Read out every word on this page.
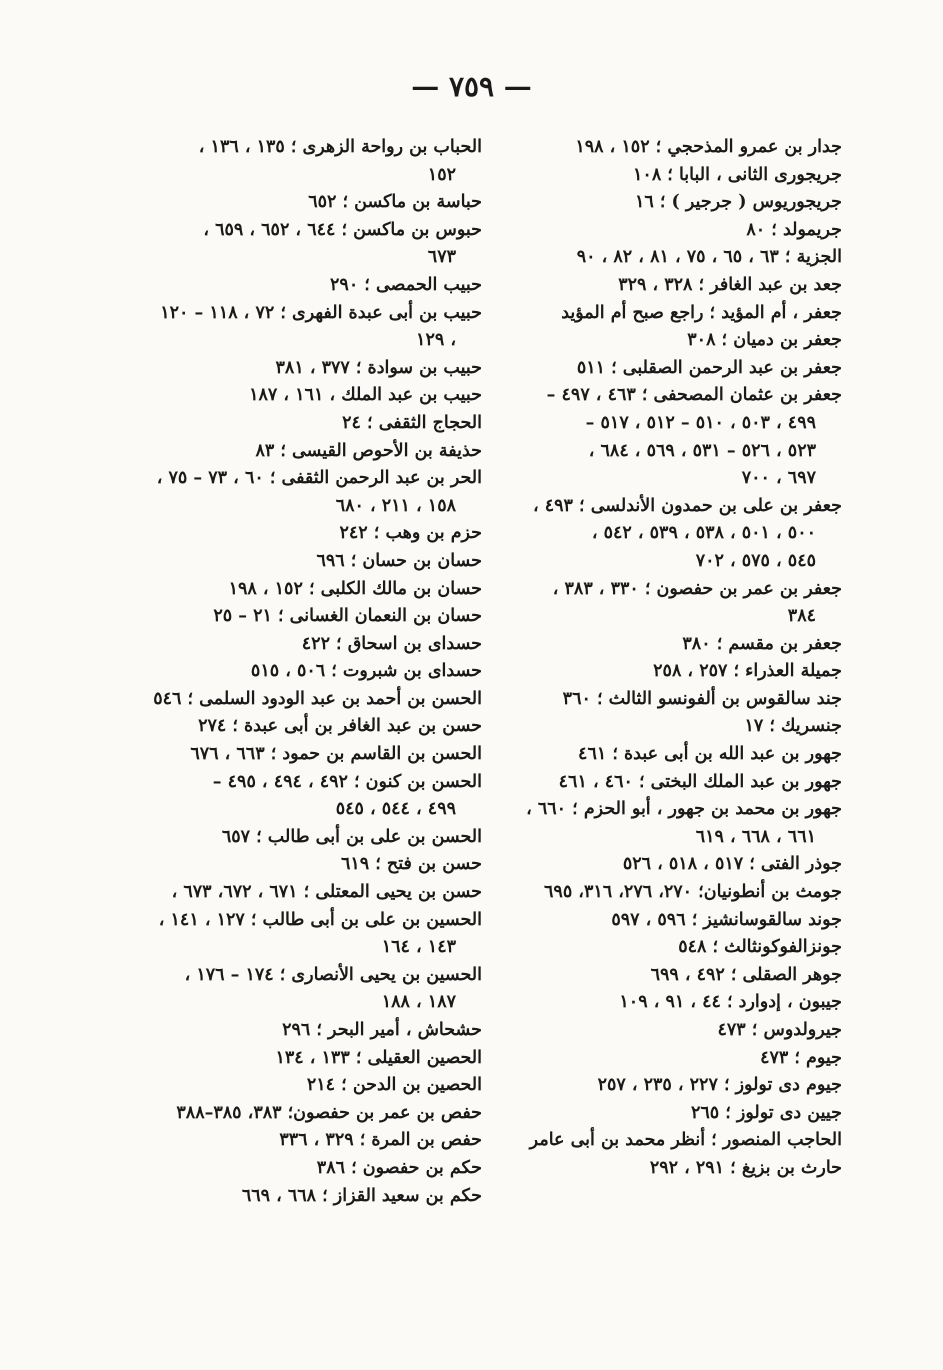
— ٧٥٩ —
جدار بن عمرو المذحجي ؛ ١٥٢ ، ١٩٨
جريجورى الثانى ، البابا ؛ ١٠٨
جريجوريوس ( جرجير ) ؛ ١٦
جريمولد ؛ ٨٠
الجزية ؛ ٦٣ ، ٦٥ ، ٧٥ ، ٨١ ، ٨٢ ، ٩٠
جعد بن عبد الغافر ؛ ٣٢٨ ، ٣٢٩
جعفر ، أم المؤيد ؛ راجع صبح أم المؤيد
جعفر بن دميان ؛ ٣٠٨
جعفر بن عبد الرحمن الصقلبى ؛ ٥١١
جعفر بن عثمان المصحفى ؛ ٤٦٣ ، ٤٩٧ –
٤٩٩ ، ٥٠٣ ، ٥١٠ – ٥١٢ ، ٥١٧ –
٥٢٣ ، ٥٢٦ – ٥٣١ ، ٥٦٩ ، ٦٨٤ ،
٦٩٧ ، ٧٠٠
جعفر بن على بن حمدون الأندلسى ؛ ٤٩٣ ،
٥٠٠ ، ٥٠١ ، ٥٣٨ ، ٥٣٩ ، ٥٤٢ ،
٥٤٥ ، ٥٧٥ ، ٧٠٢
جعفر بن عمر بن حفصون ؛ ٣٣٠ ، ٣٨٣ ،
٣٨٤
جعفر بن مقسم ؛ ٣٨٠
جميلة العذراء ؛ ٢٥٧ ، ٢٥٨
جند سالقوس بن ألفونسو الثالث ؛ ٣٦٠
جنسريك ؛ ١٧
جهور بن عبد الله بن أبى عبدة ؛ ٤٦١
جهور بن عبد الملك البختى ؛ ٤٦٠ ، ٤٦١
جهور بن محمد بن جهور ، أبو الحزم ؛ ٦٦٠ ،
٦٦١ ، ٦٦٨ ، ٦١٩
جوذر الفتى ؛ ٥١٧ ، ٥١٨ ، ٥٢٦
جومث بن أنطونيان؛ ٢٧٠، ٢٧٦، ٣١٦، ٦٩٥
جوند سالقوسانشيز ؛ ٥٩٦ ، ٥٩٧
جونزالفوكونثالث ؛ ٥٤٨
جوهر الصقلى ؛ ٤٩٢ ، ٦٩٩
جيبون ، إدوارد ؛ ٤٤ ، ٩١ ، ١٠٩
جيرولدوس ؛ ٤٧٣
جيوم ؛ ٤٧٣
جيوم دى تولوز ؛ ٢٢٧ ، ٢٣٥ ، ٢٥٧
جيين دى تولوز ؛ ٢٦٥
الحاجب المنصور ؛ أنظر محمد بن أبى عامر
حارث بن بزيغ ؛ ٢٩١ ، ٢٩٢
الحباب بن رواحة الزهرى ؛ ١٣٥ ، ١٣٦ ،
١٥٢
حباسة بن ماكسن ؛ ٦٥٢
حبوس بن ماكسن ؛ ٦٤٤ ، ٦٥٢ ، ٦٥٩ ،
٦٧٣
حبيب الحمصى ؛ ٢٩٠
حبيب بن أبى عبدة الفهرى ؛ ٧٢ ، ١١٨ – ١٢٠
، ١٢٩
حبيب بن سوادة ؛ ٣٧٧ ، ٣٨١
حبيب بن عبد الملك ، ١٦١ ، ١٨٧
الحجاج الثقفى ؛ ٢٤
حذيفة بن الأحوص القيسى ؛ ٨٣
الحر بن عبد الرحمن الثقفى ؛ ٦٠ ، ٧٣ – ٧٥ ،
١٥٨ ، ٢١١ ، ٦٨٠
حزم بن وهب ؛ ٢٤٢
حسان بن حسان ؛ ٦٩٦
حسان بن مالك الكلبى ؛ ١٥٢ ، ١٩٨
حسان بن النعمان الغسانى ؛ ٢١ – ٢٥
حسداى بن اسحاق ؛ ٤٢٢
حسداى بن شبروت ؛ ٥٠٦ ، ٥١٥
الحسن بن أحمد بن عبد الودود السلمى ؛ ٥٤٦
حسن بن عبد الغافر بن أبى عبدة ؛ ٢٧٤
الحسن بن القاسم بن حمود ؛ ٦٦٣ ، ٦٧٦
الحسن بن كنون ؛ ٤٩٢ ، ٤٩٤ ، ٤٩٥ –
٤٩٩ ، ٥٤٤ ، ٥٤٥
الحسن بن على بن أبى طالب ؛ ٦٥٧
حسن بن فتح ؛ ٦١٩
حسن بن يحيى المعتلى ؛ ٦٧١ ، ٦٧٢، ٦٧٣ ،
الحسين بن على بن أبى طالب ؛ ١٢٧ ، ١٤١ ،
١٤٣ ، ١٦٤
الحسين بن يحيى الأنصارى ؛ ١٧٤ – ١٧٦ ،
١٨٧ ، ١٨٨
حشحاش ، أمير البحر ؛ ٢٩٦
الحصين العقيلى ؛ ١٣٣ ، ١٣٤
الحصين بن الدحن ؛ ٢١٤
حفص بن عمر بن حفصون؛ ٣٨٣، ٣٨٥–٣٨٨
حفص بن المرة ؛ ٣٢٩ ، ٣٣٦
حكم بن حفصون ؛ ٣٨٦
حكم بن سعيد القزاز ؛ ٦٦٨ ، ٦٦٩
